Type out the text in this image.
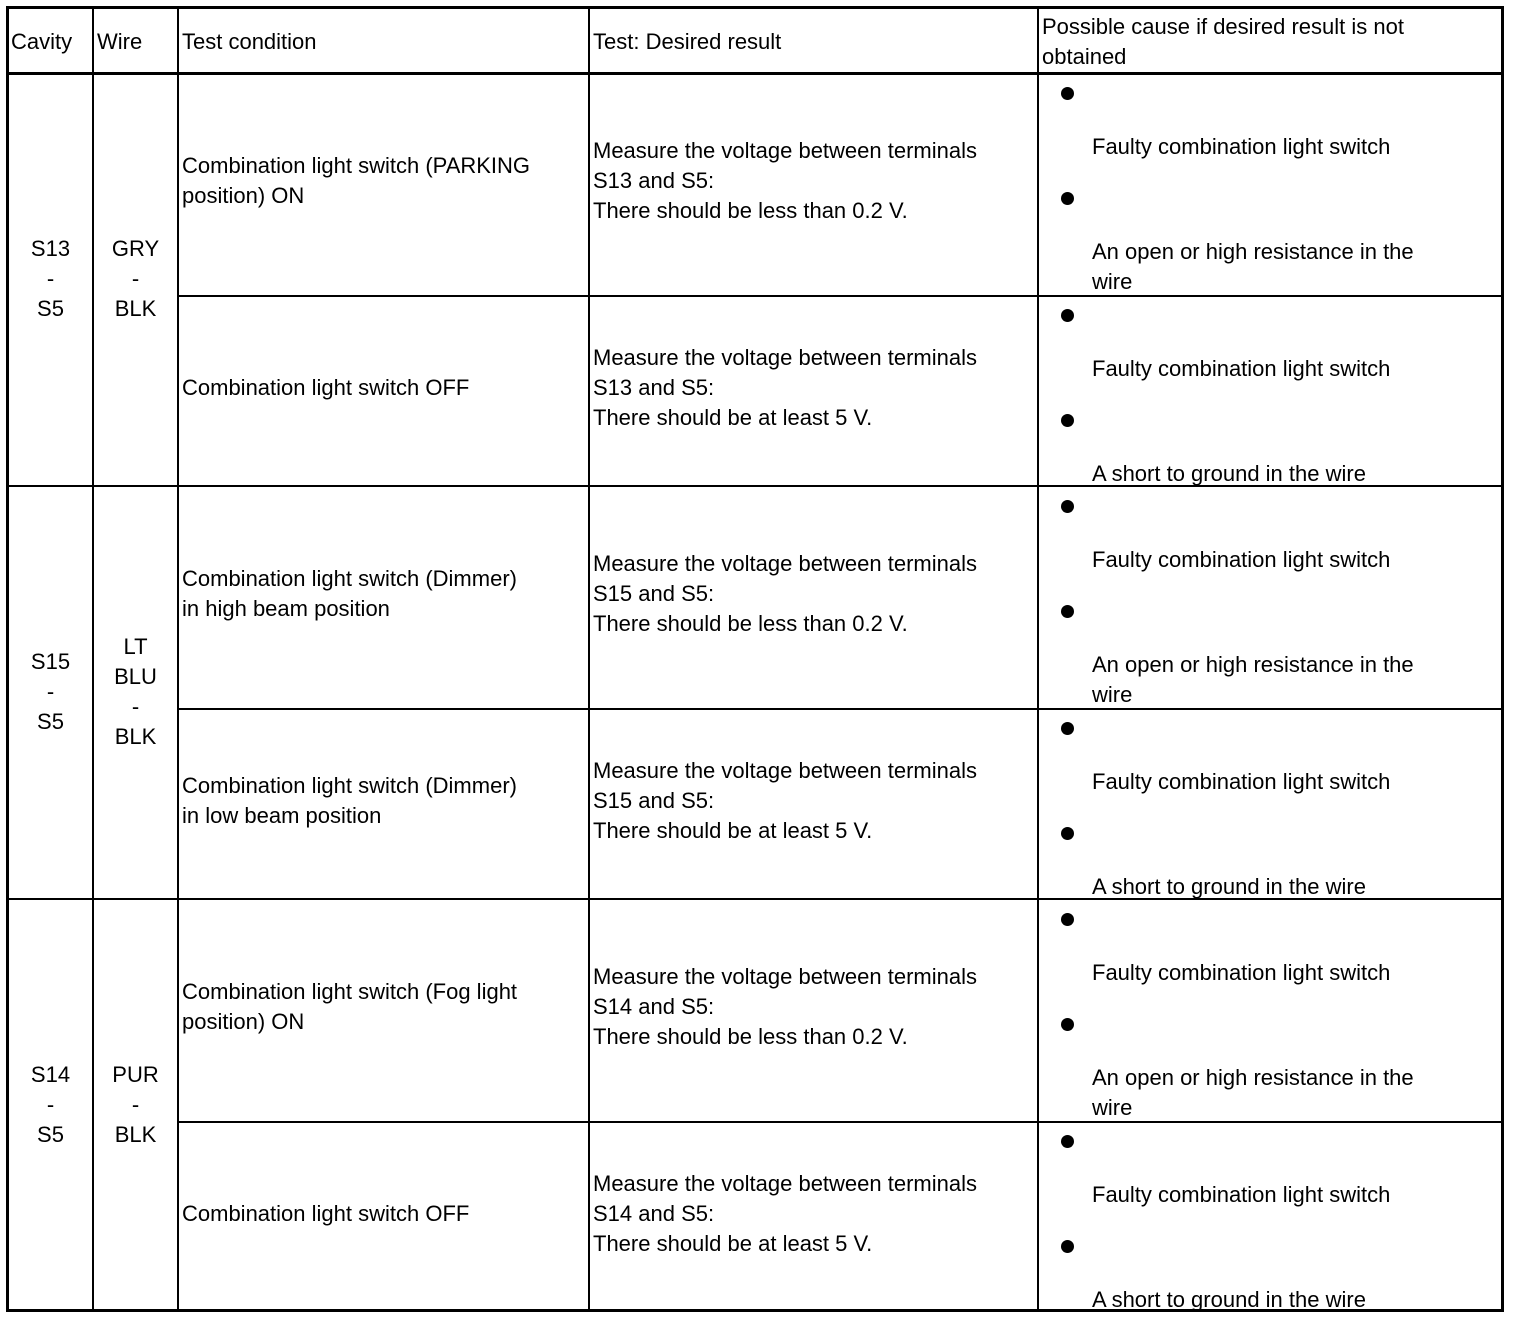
Cavity Wire Test condition	Test: Desired result
Possible cause if desired result is not
obtained
S13
-
S5
GRY
-
BLK
Combination light switch (PARKING
position) ON
Measure the voltage between terminals
S13 and S5:
There should be less than 0.2 V.
Faulty combination light switch
An open or high resistance in the
wire
Combination light switch OFF
Measure the voltage between terminals
S13 and S5:
There should be at least 5 V.
Faulty combination light switch
A short to ground in the wire
S15
-
S5
LT
BLU
-
BLK
Combination light switch (Dimmer)
in high beam position
Measure the voltage between terminals
S15 and S5:
There should be less than 0.2 V.
Faulty combination light switch
An open or high resistance in the
wire
Combination light switch (Dimmer)
in low beam position
Measure the voltage between terminals
S15 and S5:
There should be at least 5 V.
Faulty combination light switch
A short to ground in the wire
S14
-
S5
PUR
-
BLK
Combination light switch (Fog light
position) ON
Measure the voltage between terminals
S14 and S5:
There should be less than 0.2 V.
Faulty combination light switch
An open or high resistance in the
wire
Combination light switch OFF
Measure the voltage between terminals
S14 and S5:
There should be at least 5 V.
Faulty combination light switch
A short to ground in the wire
